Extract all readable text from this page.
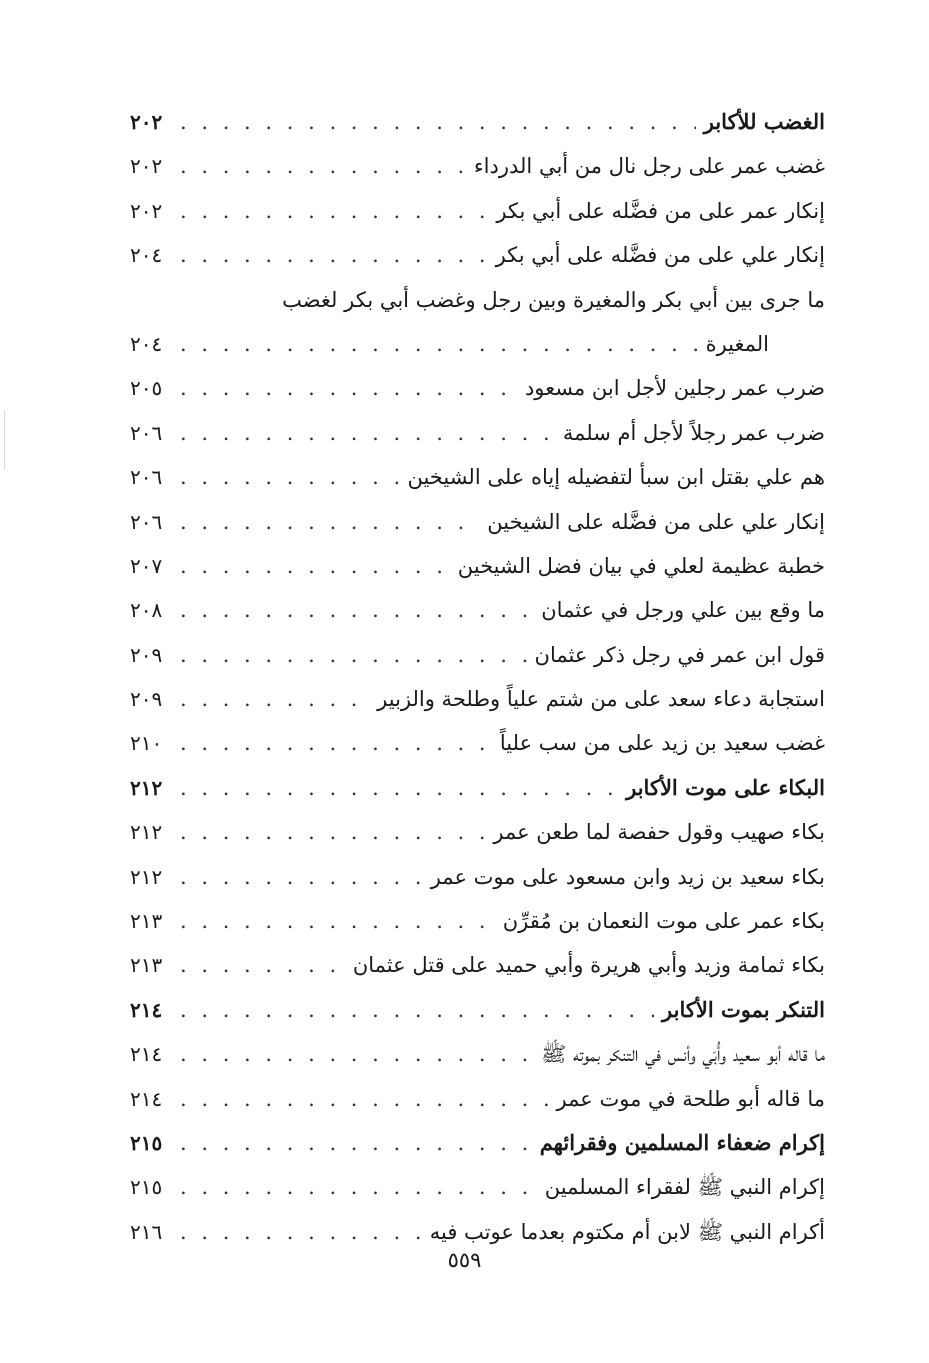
الغضب للأكابر
. . .
٢٠٢
غضب عمر على رجل نال من أبي الدرداء
. . .
٢٠٢
إنكار عمر على من فضَّله على أبي بكر
. . .
٢٠٢
إنكار علي على من فضَّله على أبي بكر
. . .
٢٠٤
ما جرى بين أبي بكر والمغيرة وبين رجل وغضب أبي بكر لغضب
المغيرة
. . .
٢٠٤
ضرب عمر رجلين لأجل ابن مسعود
. . .
٢٠٥
ضرب عمر رجلاً لأجل أم سلمة
. . .
٢٠٦
هم علي بقتل ابن سبأ لتفضيله إياه على الشيخين
. . .
٢٠٦
إنكار علي على من فضَّله على الشيخين
. . .
٢٠٦
خطبة عظيمة لعلي في بيان فضل الشيخين
. . .
٢٠٧
ما وقع بين علي ورجل في عثمان
. . .
٢٠٨
قول ابن عمر في رجل ذكر عثمان
. . .
٢٠٩
استجابة دعاء سعد على من شتم علياً وطلحة والزبير
. . .
٢٠٩
غضب سعيد بن زيد على من سب علياً
. . .
٢١٠
البكاء على موت الأكابر
. . .
٢١٢
بكاء صهيب وقول حفصة لما طعن عمر
. . .
٢١٢
بكاء سعيد بن زيد وابن مسعود على موت عمر
. . .
٢١٢
بكاء عمر على موت النعمان بن مُقرِّن
. . .
٢١٣
بكاء ثمامة وزيد وأبي هريرة وأبي حميد على قتل عثمان
. . .
٢١٣
التنكر بموت الأكابر
. . .
٢١٤
ما قاله أبو سعيد وأُبَي وأنس في التنكر بموته ﷺ
. . .
٢١٤
ما قاله أبو طلحة في موت عمر
. . .
٢١٤
إكرام ضعفاء المسلمين وفقرائهم
. . .
٢١٥
إكرام النبي ﷺ لفقراء المسلمين
. . .
٢١٥
أكرام النبي ﷺ لابن أم مكتوم بعدما عوتب فيه
. . .
٢١٦
٥٥٩
